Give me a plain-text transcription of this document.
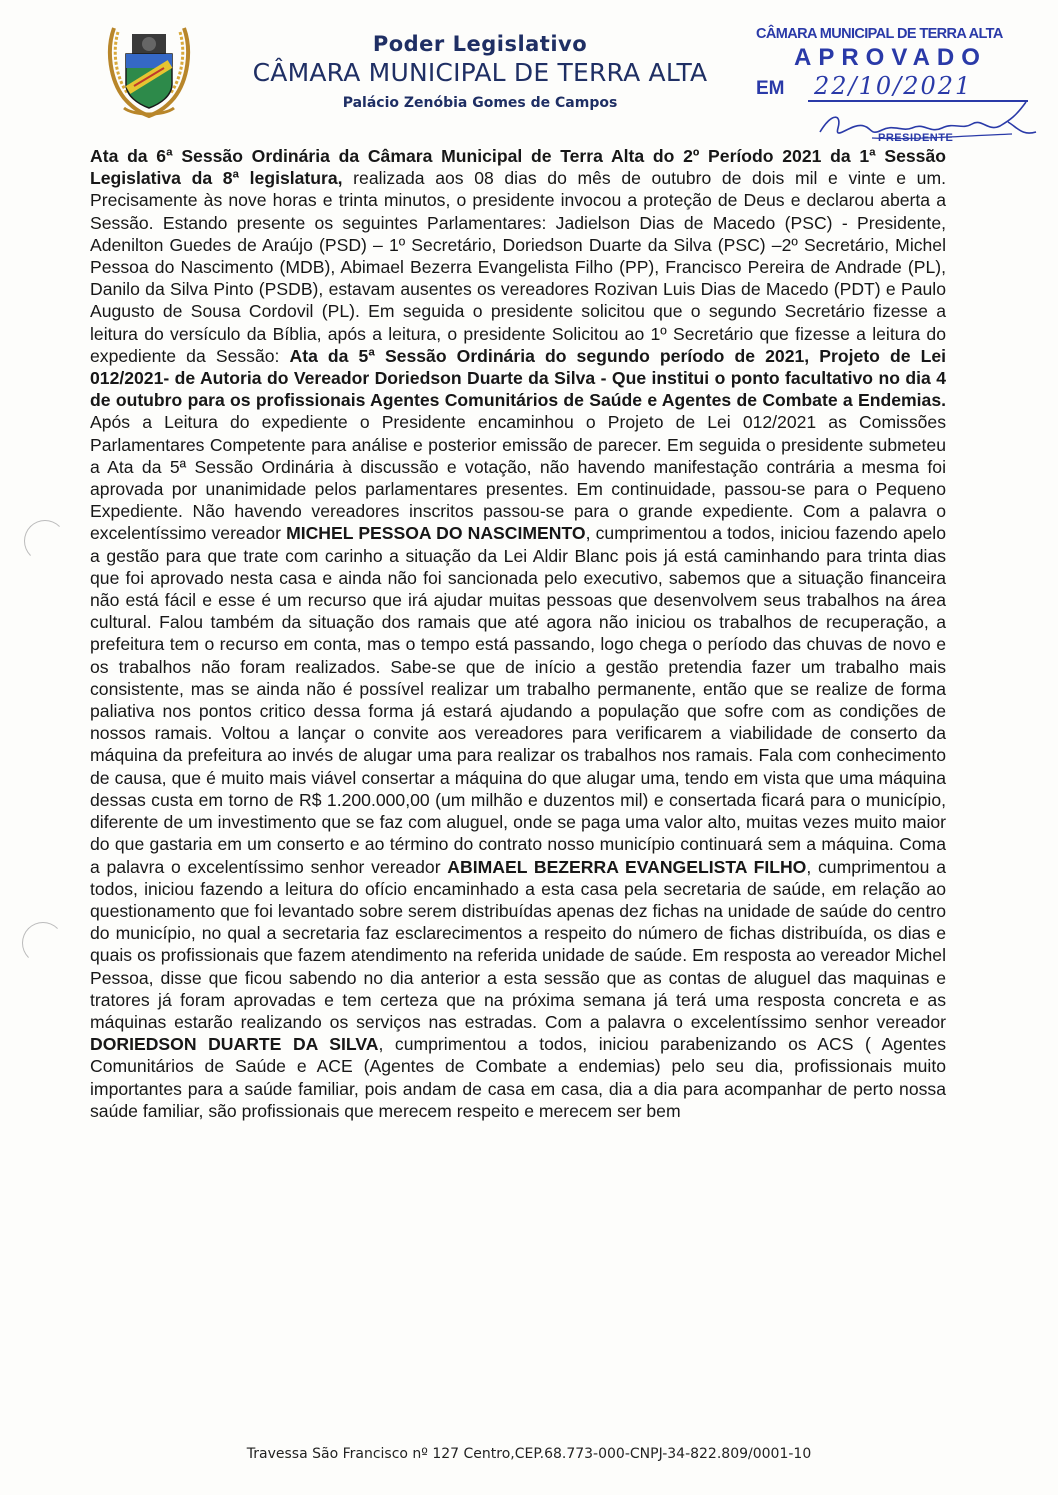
Poder Legislativo
CÂMARA MUNICIPAL DE TERRA ALTA
Palácio Zenóbia Gomes de Campos
CÂMARA MUNICIPAL DE TERRA ALTA
APROVADO
EM 22/10/2021
PRESIDENTE
Ata da 6ª Sessão Ordinária da Câmara Municipal de Terra Alta do 2º Período 2021 da 1ª Sessão Legislativa da 8ª legislatura, realizada aos 08 dias do mês de outubro de dois mil e vinte e um. Precisamente às nove horas e trinta minutos, o presidente invocou a proteção de Deus e declarou aberta a Sessão. Estando presente os seguintes Parlamentares: Jadielson Dias de Macedo (PSC) - Presidente, Adenilton Guedes de Araújo (PSD) – 1º Secretário, Doriedson Duarte da Silva (PSC) –2º Secretário, Michel Pessoa do Nascimento (MDB), Abimael Bezerra Evangelista Filho (PP), Francisco Pereira de Andrade (PL), Danilo da Silva Pinto (PSDB), estavam ausentes os vereadores Rozivan Luis Dias de Macedo (PDT) e Paulo Augusto de Sousa Cordovil (PL). Em seguida o presidente solicitou que o segundo Secretário fizesse a leitura do versículo da Bíblia, após a leitura, o presidente Solicitou ao 1º Secretário que fizesse a leitura do expediente da Sessão: Ata da 5ª Sessão Ordinária do segundo período de 2021, Projeto de Lei 012/2021- de Autoria do Vereador Doriedson Duarte da Silva - Que institui o ponto facultativo no dia 4 de outubro para os profissionais Agentes Comunitários de Saúde e Agentes de Combate a Endemias. Após a Leitura do expediente o Presidente encaminhou o Projeto de Lei 012/2021 as Comissões Parlamentares Competente para análise e posterior emissão de parecer. Em seguida o presidente submeteu a Ata da 5ª Sessão Ordinária à discussão e votação, não havendo manifestação contrária a mesma foi aprovada por unanimidade pelos parlamentares presentes. Em continuidade, passou-se para o Pequeno Expediente. Não havendo vereadores inscritos passou-se para o grande expediente. Com a palavra o excelentíssimo vereador MICHEL PESSOA DO NASCIMENTO, cumprimentou a todos, iniciou fazendo apelo a gestão para que trate com carinho a situação da Lei Aldir Blanc pois já está caminhando para trinta dias que foi aprovado nesta casa e ainda não foi sancionada pelo executivo, sabemos que a situação financeira não está fácil e esse é um recurso que irá ajudar muitas pessoas que desenvolvem seus trabalhos na área cultural. Falou também da situação dos ramais que até agora não iniciou os trabalhos de recuperação, a prefeitura tem o recurso em conta, mas o tempo está passando, logo chega o período das chuvas de novo e os trabalhos não foram realizados. Sabe-se que de início a gestão pretendia fazer um trabalho mais consistente, mas se ainda não é possível realizar um trabalho permanente, então que se realize de forma paliativa nos pontos critico dessa forma já estará ajudando a população que sofre com as condições de nossos ramais. Voltou a lançar o convite aos vereadores para verificarem a viabilidade de conserto da máquina da prefeitura ao invés de alugar uma para realizar os trabalhos nos ramais. Fala com conhecimento de causa, que é muito mais viável consertar a máquina do que alugar uma, tendo em vista que uma máquina dessas custa em torno de R$ 1.200.000,00 (um milhão e duzentos mil) e consertada ficará para o município, diferente de um investimento que se faz com aluguel, onde se paga uma valor alto, muitas vezes muito maior do que gastaria em um conserto e ao término do contrato nosso município continuará sem a máquina. Coma a palavra o excelentíssimo senhor vereador ABIMAEL BEZERRA EVANGELISTA FILHO, cumprimentou a todos, iniciou fazendo a leitura do ofício encaminhado a esta casa pela secretaria de saúde, em relação ao questionamento que foi levantado sobre serem distribuídas apenas dez fichas na unidade de saúde do centro do município, no qual a secretaria faz esclarecimentos a respeito do número de fichas distribuída, os dias e quais os profissionais que fazem atendimento na referida unidade de saúde. Em resposta ao vereador Michel Pessoa, disse que ficou sabendo no dia anterior a esta sessão que as contas de aluguel das maquinas e tratores já foram aprovadas e tem certeza que na próxima semana já terá uma resposta concreta e as máquinas estarão realizando os serviços nas estradas. Com a palavra o excelentíssimo senhor vereador DORIEDSON DUARTE DA SILVA, cumprimentou a todos, iniciou parabenizando os ACS ( Agentes Comunitários de Saúde e ACE (Agentes de Combate a endemias) pelo seu dia, profissionais muito importantes para a saúde familiar, pois andam de casa em casa, dia a dia para acompanhar de perto nossa saúde familiar, são profissionais que merecem respeito e merecem ser bem
Travessa São Francisco nº 127 Centro,CEP.68.773-000-CNPJ-34-822.809/0001-10
